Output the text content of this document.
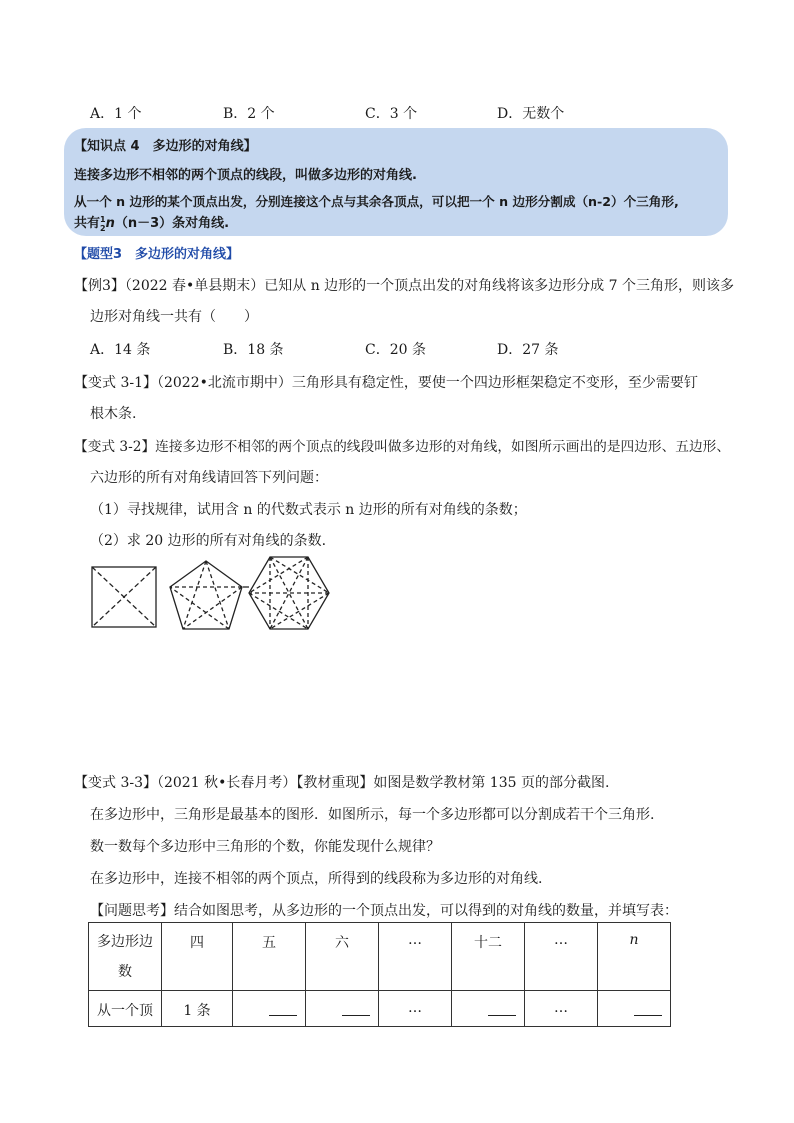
A．1 个	B．2 个	C．3 个	D．无数个
【知识点 4　多边形的对角线】
连接多边形不相邻的两个顶点的线段，叫做多边形的对角线.
从一个 n 边形的某个顶点出发，分别连接这个点与其余各顶点，可以把一个 n 边形分割成（n-2）个三角形,
共有 1
2 n（n－3）条对角线.
【题型3　多边形的对角线】
【例3】（2022 春•单县期末）已知从 n 边形的一个顶点出发的对角线将该多边形分成 7 个三角形，则该多
边形对角线一共有（　　）
A．14 条	B．18 条	C．20 条	D．27 条
【变式 3-1】（2022•北流市期中）三角形具有稳定性，要使一个四边形框架稳定不变形，至少需要钉
根木条.
【变式 3-2】连接多边形不相邻的两个顶点的线段叫做多边形的对角线，如图所示画出的是四边形、五边形、
六边形的所有对角线请回答下列问题：
（1）寻找规律，试用含 n 的代数式表示 n 边形的所有对角线的条数；
（2）求 20 边形的所有对角线的条数.
【变式 3-3】（2021 秋•长春月考）【教材重现】如图是数学教材第 135 页的部分截图.
在多边形中，三角形是最基本的图形．如图所示，每一个多边形都可以分割成若干个三角形.
数一数每个多边形中三角形的个数，你能发现什么规律？
在多边形中，连接不相邻的两个顶点，所得到的线段称为多边形的对角线.
【问题思考】结合如图思考，从多边形的一个顶点出发，可以得到的对角线的数量，并填写表：
多边形边数	四	五	六	…	十二	…	n
从一个顶	1 条			…		…	
